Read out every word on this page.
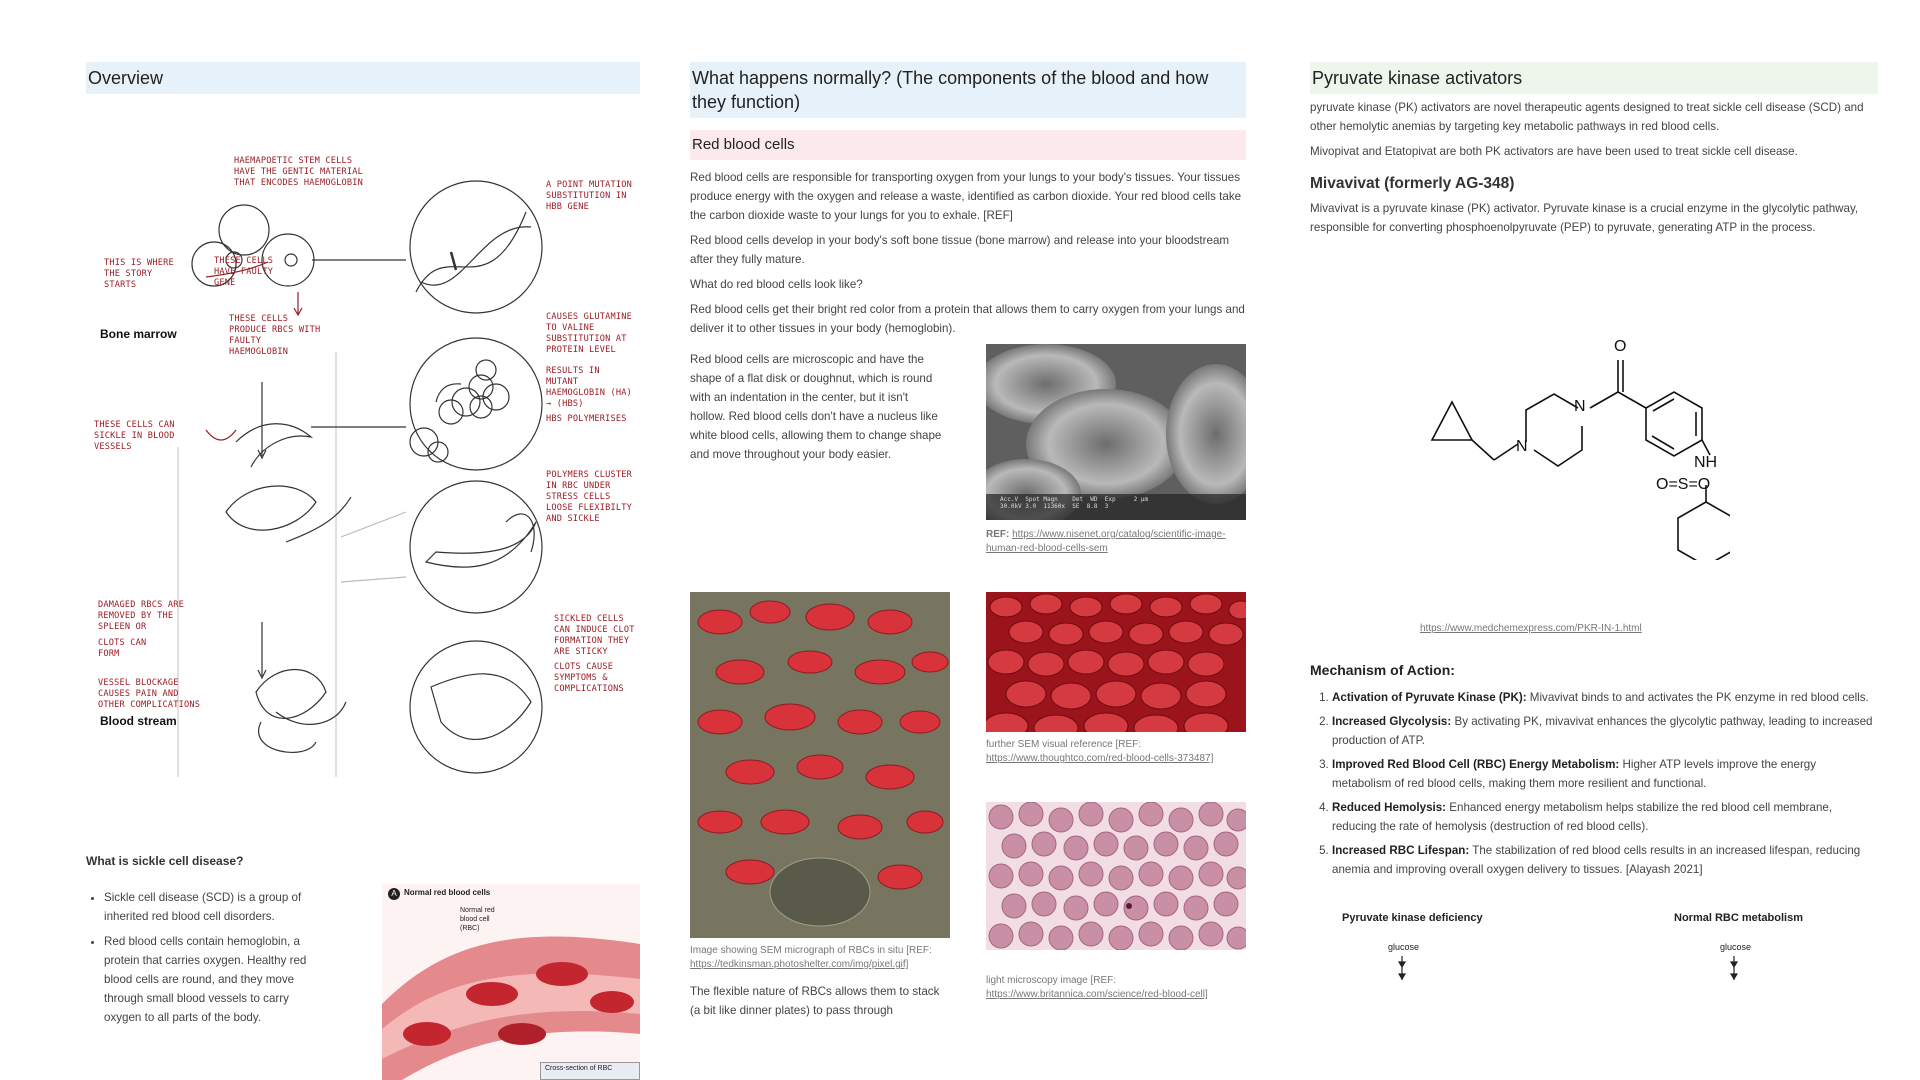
Overview
HAEMAPOETIC STEM CELLS HAVE THE GENTIC MATERIAL THAT ENCODES HAEMOGLOBIN
THIS IS WHERE THE STORY STARTS
THESE CELLS HAVE FAULTY GENE
THESE CELLS PRODUCE RBCS WITH FAULTY HAEMOGLOBIN
A POINT MUTATION SUBSTITUTION IN HBB GENE
CAUSES GLUTAMINE TO VALINE SUBSTITUTION AT PROTEIN LEVEL
RESULTS IN MUTANT HAEMOGLOBIN (HA) → (HBS)
HBS POLYMERISES
THESE CELLS CAN SICKLE IN BLOOD VESSELS
POLYMERS CLUSTER IN RBC UNDER STRESS CELLS LOOSE FLEXIBILTY AND SICKLE
SICKLED CELLS CAN INDUCE CLOT FORMATION THEY ARE STICKY
CLOTS CAUSE SYMPTOMS & COMPLICATIONS
DAMAGED RBCS ARE REMOVED BY THE SPLEEN OR
CLOTS CAN FORM
VESSEL BLOCKAGE CAUSES PAIN AND OTHER COMPLICATIONS
Bone marrow
Blood stream
What is sickle cell disease?
• Sickle cell disease (SCD) is a group of inherited red blood cell disorders.
• Red blood cells contain hemoglobin, a protein that carries oxygen. Healthy red blood cells are round, and they move through small blood vessels to carry oxygen to all parts of the body.
A Normal red blood cells
Normal red blood cell (RBC)
Cross-section of RBC
What happens normally? (The components of the blood and how they function)
Red blood cells
Red blood cells are responsible for transporting oxygen from your lungs to your body's tissues. Your tissues produce energy with the oxygen and release a waste, identified as carbon dioxide. Your red blood cells take the carbon dioxide waste to your lungs for you to exhale. [REF]
Red blood cells develop in your body's soft bone tissue (bone marrow) and release into your bloodstream after they fully mature.
What do red blood cells look like?
Red blood cells get their bright red color from a protein that allows them to carry oxygen from your lungs and deliver it to other tissues in your body (hemoglobin).
Red blood cells are microscopic and have the shape of a flat disk or doughnut, which is round with an indentation in the center, but it isn't hollow. Red blood cells don't have a nucleus like white blood cells, allowing them to change shape and move throughout your body easier.
Acc.V  Spot Magn    Det  WD  Exp     2 µm
30.0kV 3.0  11360x  SE  8.8  3
REF: https://www.nisenet.org/catalog/scientific-image-human-red-blood-cells-sem
Image showing SEM micrograph of RBCs in situ [REF:
https://tedkinsman.photoshelter.com/img/pixel.gif]
The flexible nature of RBCs allows them to stack (a bit like dinner plates) to pass through
further SEM visual reference [REF:
https://www.thoughtco.com/red-blood-cells-373487]
light microscopy image [REF:
https://www.britannica.com/science/red-blood-cell]
Pyruvate kinase activators
pyruvate kinase (PK) activators are novel therapeutic agents designed to treat sickle cell disease (SCD) and other hemolytic anemias by targeting key metabolic pathways in red blood cells.
Mivopivat and Etatopivat are both PK activators are have been used to treat sickle cell disease.
Mivavivat (formerly AG-348)
Mivavivat is a pyruvate kinase (PK) activator. Pyruvate kinase is a crucial enzyme in the glycolytic pathway, responsible for converting phosphoenolpyruvate (PEP) to pyruvate, generating ATP in the process.
O
N
N
NH
O=S=O
https://www.medchemexpress.com/PKR-IN-1.html
Mechanism of Action:
1. Activation of Pyruvate Kinase (PK): Mivavivat binds to and activates the PK enzyme in red blood cells.
2. Increased Glycolysis: By activating PK, mivavivat enhances the glycolytic pathway, leading to increased production of ATP.
3. Improved Red Blood Cell (RBC) Energy Metabolism: Higher ATP levels improve the energy metabolism of red blood cells, making them more resilient and functional.
4. Reduced Hemolysis: Enhanced energy metabolism helps stabilize the red blood cell membrane, reducing the rate of hemolysis (destruction of red blood cells).
5. Increased RBC Lifespan: The stabilization of red blood cells results in an increased lifespan, reducing anemia and improving overall oxygen delivery to tissues. [Alayash 2021]
Pyruvate kinase deficiency	Normal RBC metabolism
glucose	glucose
